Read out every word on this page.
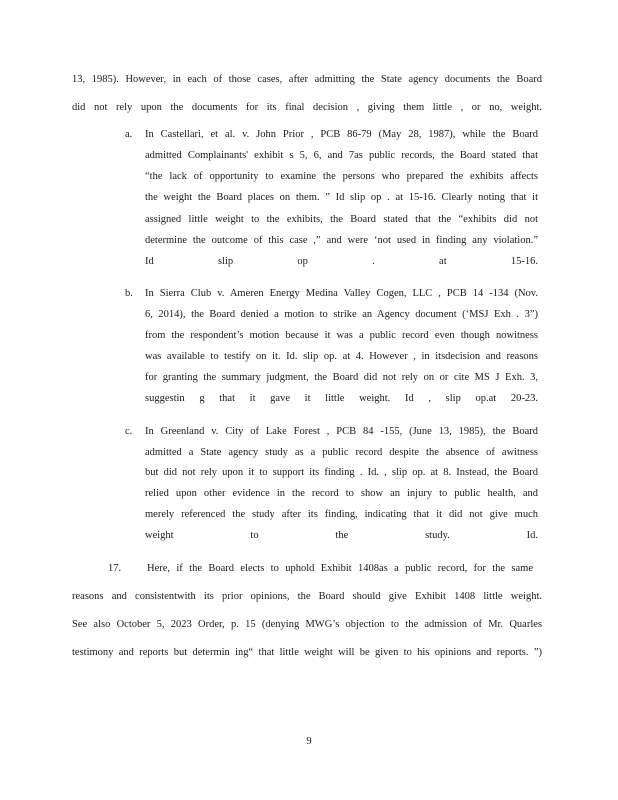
13, 1985). However, in each of those cases, after admitting the State agency documents the Board
did not rely upon the documents for its final decision , giving them little , or no, weight.
a. In Castellari, et al. v. John Prior , PCB 86-79 (May 28, 1987), while the Board
admitted Complainants' exhibit s 5, 6, and 7as public records, the Board stated that
“the lack of opportunity to examine the persons who prepared the exhibits affects
the weight the Board places on them. ” Id slip op . at 15-16. Clearly noting that it
assigned little weight to the exhibits, the Board stated that the “exhibits did not
determine the outcome of this case ,” and were ‘not used in finding any violation.”
Id slip op . at 15-16.
b. In Sierra Club v. Ameren Energy Medina Valley Cogen, LLC , PCB 14 -134 (Nov.
6, 2014), the Board denied a motion to strike an Agency document (‘MSJ Exh . 3”)
from the respondent’s motion because it was a public record even though nowitness
was available to testify on it. Id. slip op. at 4. However , in itsdecision and reasons
for granting the summary judgment, the Board did not rely on or cite MS J Exh. 3,
suggestin g that it gave it little weight. Id , slip op.at 20-23.
c. In Greenland v. City of Lake Forest , PCB 84 -155, (June 13, 1985), the Board
admitted a State agency study as a public record despite the absence of awitness
but did not rely upon it to support its finding . Id. , slip op. at 8. Instead, the Board
relied upon other evidence in the record to show an injury to public health, and
merely referenced the study after its finding, indicating that it did not give much
weight to the study. Id.
17. Here, if the Board elects to uphold Exhibit 1408as a public record, for the same
reasons and consistentwith its prior opinions, the Board should give Exhibit 1408 little weight.
See also October 5, 2023 Order, p. 15 (denying MWG’s objection to the admission of Mr. Quarles
testimony and reports but determin ing“ that little weight will be given to his opinions and reports. ”)
9
